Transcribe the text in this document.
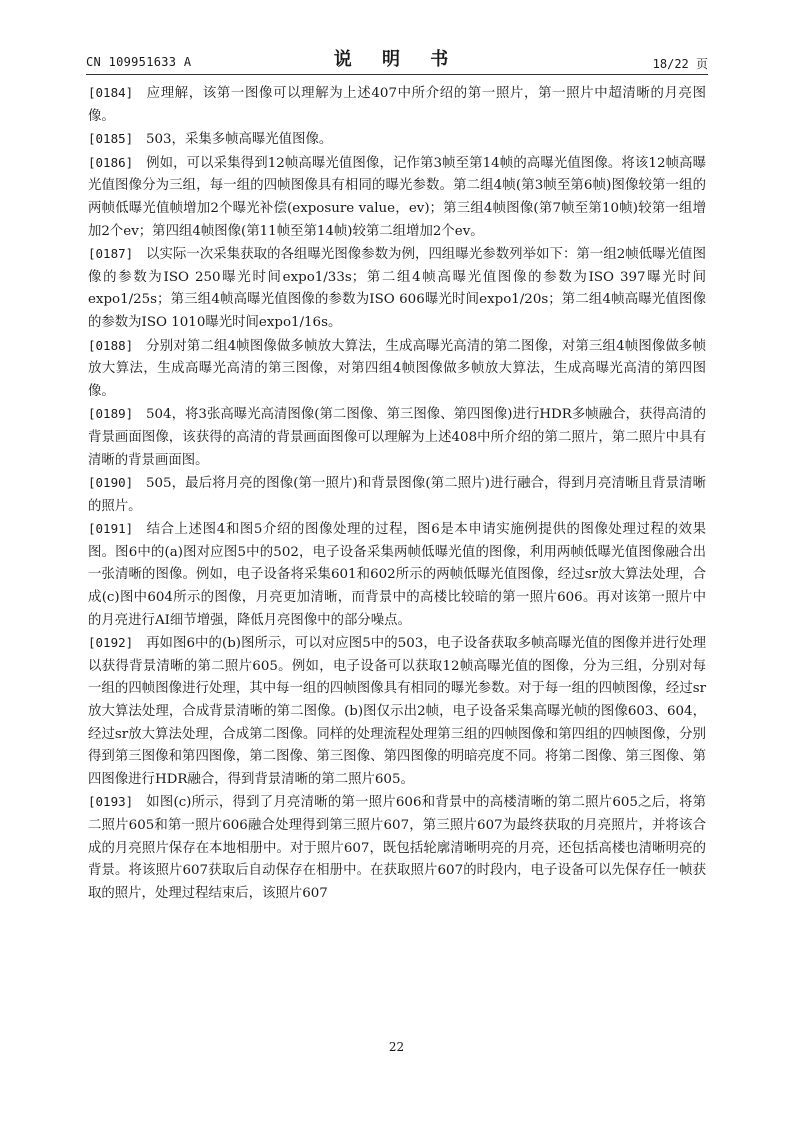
CN 109951633 A	说 明 书	18/22 页

[0184] 应理解，该第一图像可以理解为上述407中所介绍的第一照片，第一照片中超清晰的月亮图像。

[0185] 503，采集多帧高曝光值图像。

[0186] 例如，可以采集得到12帧高曝光值图像，记作第3帧至第14帧的高曝光值图像。将该12帧高曝光值图像分为三组，每一组的四帧图像具有相同的曝光参数。第二组4帧(第3帧至第6帧)图像较第一组的两帧低曝光值帧增加2个曝光补偿(exposure value，ev)；第三组4帧图像(第7帧至第10帧)较第一组增加2个ev；第四组4帧图像(第11帧至第14帧)较第二组增加2个ev。

[0187] 以实际一次采集获取的各组曝光图像参数为例，四组曝光参数列举如下：第一组2帧低曝光值图像的参数为ISO 250曝光时间expo1/33s；第二组4帧高曝光值图像的参数为ISO 397曝光时间expo1/25s；第三组4帧高曝光值图像的参数为ISO 606曝光时间expo1/20s；第二组4帧高曝光值图像的参数为ISO 1010曝光时间expo1/16s。

[0188] 分别对第二组4帧图像做多帧放大算法，生成高曝光高清的第二图像，对第三组4帧图像做多帧放大算法，生成高曝光高清的第三图像，对第四组4帧图像做多帧放大算法，生成高曝光高清的第四图像。

[0189] 504，将3张高曝光高清图像(第二图像、第三图像、第四图像)进行HDR多帧融合，获得高清的背景画面图像，该获得的高清的背景画面图像可以理解为上述408中所介绍的第二照片，第二照片中具有清晰的背景画面图。

[0190] 505，最后将月亮的图像(第一照片)和背景图像(第二照片)进行融合，得到月亮清晰且背景清晰的照片。

[0191] 结合上述图4和图5介绍的图像处理的过程，图6是本申请实施例提供的图像处理过程的效果图。图6中的(a)图对应图5中的502，电子设备采集两帧低曝光值的图像，利用两帧低曝光值图像融合出一张清晰的图像。例如，电子设备将采集601和602所示的两帧低曝光值图像，经过sr放大算法处理，合成(c)图中604所示的图像，月亮更加清晰，而背景中的高楼比较暗的第一照片606。再对该第一照片中的月亮进行AI细节增强，降低月亮图像中的部分噪点。

[0192] 再如图6中的(b)图所示，可以对应图5中的503，电子设备获取多帧高曝光值的图像并进行处理以获得背景清晰的第二照片605。例如，电子设备可以获取12帧高曝光值的图像，分为三组，分别对每一组的四帧图像进行处理，其中每一组的四帧图像具有相同的曝光参数。对于每一组的四帧图像，经过sr放大算法处理，合成背景清晰的第二图像。(b)图仅示出2帧，电子设备采集高曝光帧的图像603、604，经过sr放大算法处理，合成第二图像。同样的处理流程处理第三组的四帧图像和第四组的四帧图像，分别得到第三图像和第四图像，第二图像、第三图像、第四图像的明暗亮度不同。将第二图像、第三图像、第四图像进行HDR融合，得到背景清晰的第二照片605。

[0193] 如图(c)所示，得到了月亮清晰的第一照片606和背景中的高楼清晰的第二照片605之后，将第二照片605和第一照片606融合处理得到第三照片607，第三照片607为最终获取的月亮照片，并将该合成的月亮照片保存在本地相册中。对于照片607，既包括轮廓清晰明亮的月亮，还包括高楼也清晰明亮的背景。将该照片607获取后自动保存在相册中。在获取照片607的时段内，电子设备可以先保存任一帧获取的照片，处理过程结束后，该照片607

22
